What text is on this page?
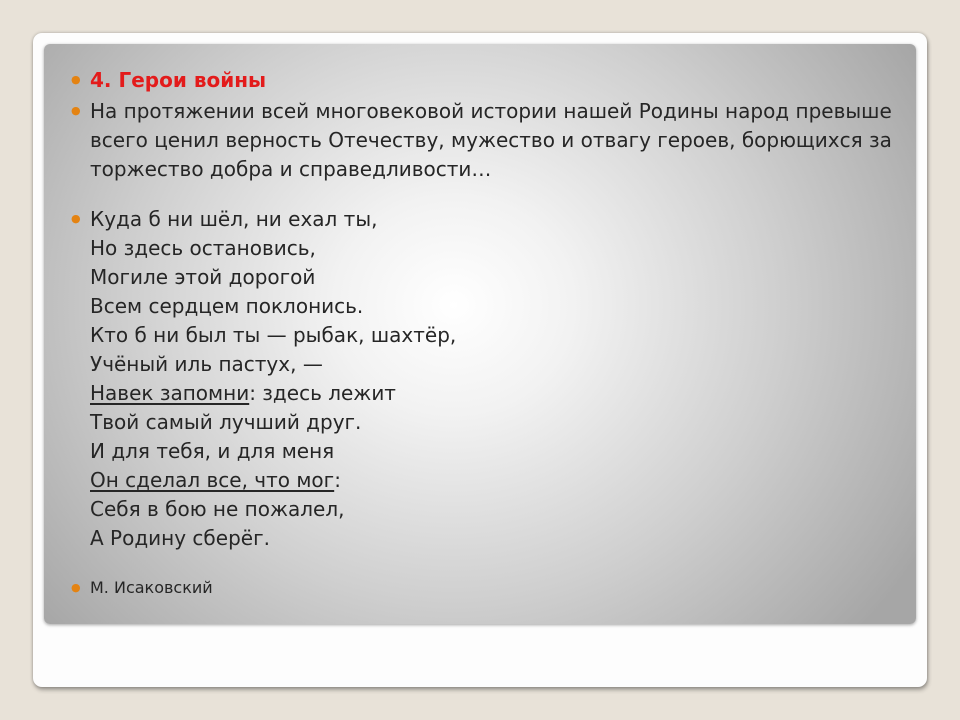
● 4. Герои войны
● На протяжении всей многовековой истории нашей Родины народ превыше всего ценил верность Отечеству, мужество и отвагу героев, борющихся за торжество добра и справедливости…
● Куда б ни шёл, ни ехал ты,
Но здесь остановись,
Могиле этой дорогой
Всем сердцем поклонись.
Кто б ни был ты — рыбак, шахтёр,
Учёный иль пастух, —
Навек запомни: здесь лежит
Твой самый лучший друг.
И для тебя, и для меня
Он сделал все, что мог:
Себя в бою не пожалел,
А Родину сберёг.
● М. Исаковский
